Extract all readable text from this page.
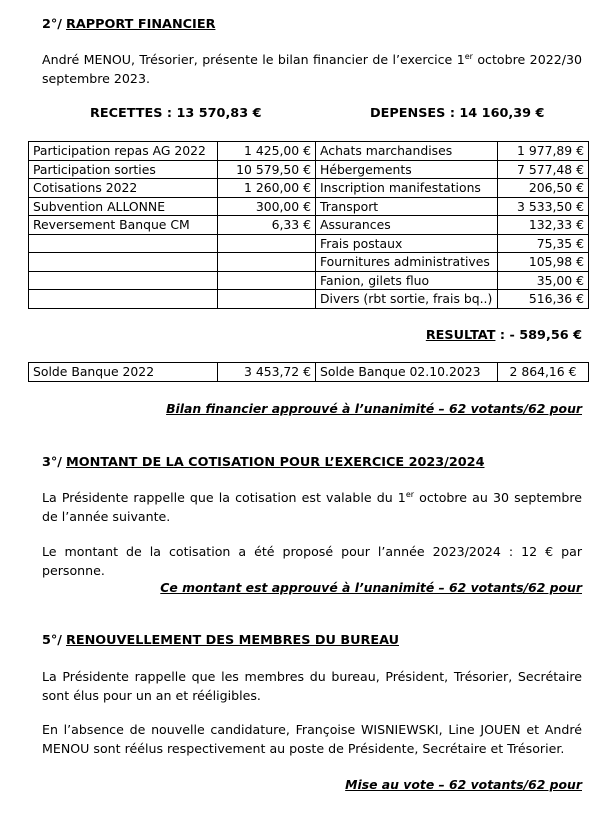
2°/ RAPPORT FINANCIER
André MENOU, Trésorier, présente le bilan financier de l’exercice 1er octobre 2022/30 septembre 2023.
RECETTES : 13 570,83 €	DEPENSES : 14 160,39 €
Participation repas AG 2022	1 425,00 €	Achats marchandises	1 977,89 €
Participation sorties	10 579,50 €	Hébergements	7 577,48 €
Cotisations 2022	1 260,00 €	Inscription manifestations	206,50 €
Subvention ALLONNE	300,00 €	Transport	3 533,50 €
Reversement Banque CM	6,33 €	Assurances	132,33 €
		Frais postaux	75,35 €
		Fournitures administratives	105,98 €
		Fanion, gilets fluo	35,00 €
		Divers (rbt sortie, frais bq..)	516,36 €
RESULTAT : - 589,56 €
Solde Banque 2022	3 453,72 €	Solde Banque 02.10.2023	2 864,16 €
Bilan financier approuvé à l’unanimité – 62 votants/62 pour
3°/ MONTANT DE LA COTISATION POUR L’EXERCICE 2023/2024
La Présidente rappelle que la cotisation est valable du 1er octobre au 30 septembre de l’année suivante.
Le montant de la cotisation a été proposé pour l’année 2023/2024 : 12 € par personne.
Ce montant est approuvé à l’unanimité – 62 votants/62 pour
5°/ RENOUVELLEMENT DES MEMBRES DU BUREAU
La Présidente rappelle que les membres du bureau, Président, Trésorier, Secrétaire sont élus pour un an et rééligibles.
En l’absence de nouvelle candidature, Françoise WISNIEWSKI, Line JOUEN et André MENOU sont réélus respectivement au poste de Présidente, Secrétaire et Trésorier.
Mise au vote – 62 votants/62 pour
